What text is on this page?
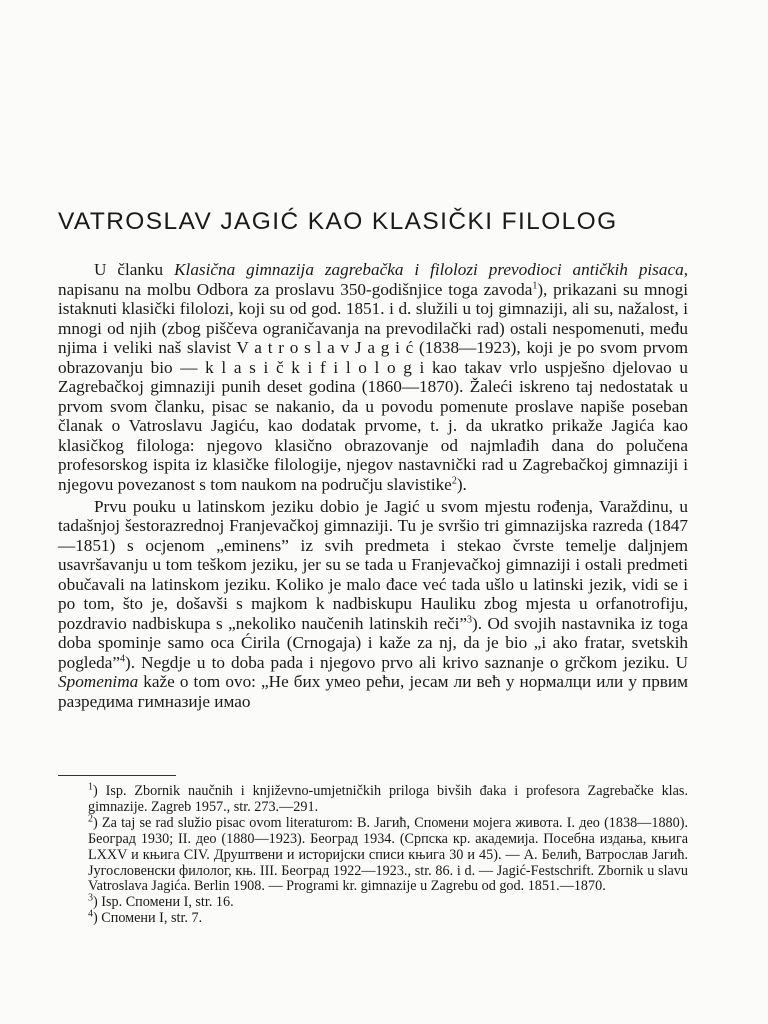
VATROSLAV JAGIĆ KAO KLASIČKI FILOLOG

U članku Klasična gimnazija zagrebačka i filolozi prevodioci antičkih pisaca, napisanu na molbu Odbora za proslavu 350-godišnjice toga zavoda$^1$), prikazani su mnogi istaknuti klasički filolozi, koji su od god. 1851. i d. služili u toj gimnaziji, ali su, nažalost, i mnogi od njih (zbog piščeva ograničavanja na prevodilački rad) ostali nespomenuti, među njima i veliki naš slavist V a t r o s l a v J a g i ć (1838—1923), koji je po svom prvom obrazovanju bio — k l a s i č k i f i l o l o g i kao takav vrlo uspješno djelovao u Zagrebačkoj gimnaziji punih deset godina (1860—1870). Žaleći iskreno taj nedostatak u prvom svom članku, pisac se nakanio, da u povodu pomenute proslave napiše poseban članak o Vatroslavu Jagiću, kao dodatak prvome, t. j. da ukratko prikaže Jagića kao klasičkog filologa: njegovo klasično obrazovanje od najmlađih dana do polučena profesorskog ispita iz klasičke filologije, njegov nastavnički rad u Zagrebačkoj gimnaziji i njegovu povezanost s tom naukom na području slavistike$^2$).

Prvu pouku u latinskom jeziku dobio je Jagić u svom mjestu rođenja, Varaždinu, u tadašnjoj šestorazrednoj Franjevačkoj gimnaziji. Tu je svršio tri gimnazijska razreda (1847—1851) s ocjenom „eminens” iz svih predmeta i stekao čvrste temelje daljnjem usavršavanju u tom teškom jeziku, jer su se tada u Franjevačkoj gimnaziji i ostali predmeti obučavali na latinskom jeziku. Koliko je malo đace već tada ušlo u latinski jezik, vidi se i po tom, što je, došavši s majkom k nadbiskupu Hauliku zbog mjesta u orfanotrofiju, pozdravio nadbiskupa s „nekoliko naučenih latinskih reči”$^3$). Od svojih nastavnika iz toga doba spominje samo oca Ćirila (Crnogaja) i kaže za nj, da je bio „i ako fratar, svetskih pogleda”$^4$). Negdje u to doba pada i njegovo prvo ali krivo saznanje o grčkom jeziku. U Spomenima kaže o tom ovo: „Не бих умео рећи, јесам ли већ у нормалци или у првим разредима гимназије имао

$^1$) Isp. Zbornik naučnih i književno-umjetničkih priloga bivših đaka i profesora Zagrebačke klas. gimnazije. Zagreb 1957., str. 273.—291.
$^2$) Za taj se rad služio pisac ovom literaturom: В. Јагић, Спомени мојега живота. I. део (1838—1880). Београд 1930; II. део (1880—1923). Београд 1934. (Српска кр. академија. Посебна издања, књига LXXV и књига CIV. Друштвени и историјски списи књига 30 и 45). — А. Белић, Ватрослав Јагић. Југословенски филолог, књ. III. Београд 1922—1923., str. 86. i d. — Jagić-Festschrift. Zbornik u slavu Vatroslava Jagića. Berlin 1908. — Programi kr. gimnazije u Zagrebu od god. 1851.—1870.
$^3$) Isp. Спомени I, str. 16.
$^4$) Спомени I, str. 7.
